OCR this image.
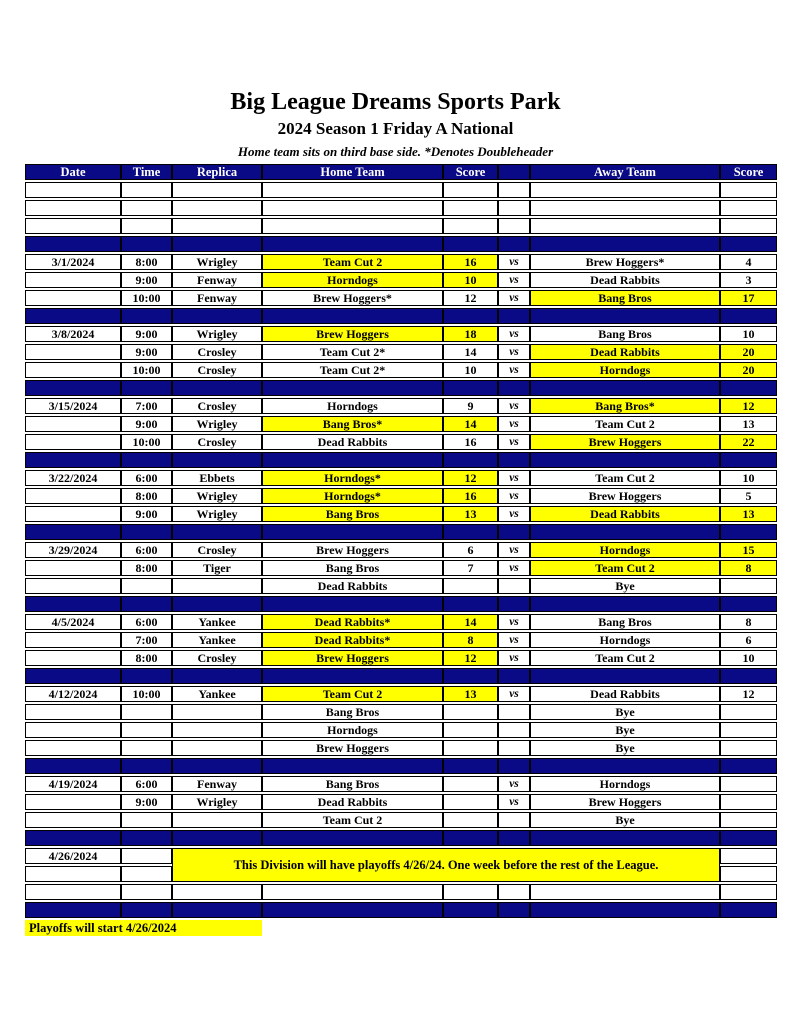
Big League Dreams Sports Park
2024 Season 1 Friday A National
Home team sits on third base side. *Denotes Doubleheader
Date	Time	Replica	Home Team	Score		Away Team	Score

3/1/2024	8:00	Wrigley	Team Cut 2	16	vs	Brew Hoggers*	4
	9:00	Fenway	Horndogs	10	vs	Dead Rabbits	3
	10:00	Fenway	Brew Hoggers*	12	vs	Bang Bros	17

3/8/2024	9:00	Wrigley	Brew Hoggers	18	vs	Bang Bros	10
	9:00	Crosley	Team Cut 2*	14	vs	Dead Rabbits	20
	10:00	Crosley	Team Cut 2*	10	vs	Horndogs	20

3/15/2024	7:00	Crosley	Horndogs	9	vs	Bang Bros*	12
	9:00	Wrigley	Bang Bros*	14	vs	Team Cut 2	13
	10:00	Crosley	Dead Rabbits	16	vs	Brew Hoggers	22

3/22/2024	6:00	Ebbets	Horndogs*	12	vs	Team Cut 2	10
	8:00	Wrigley	Horndogs*	16	vs	Brew Hoggers	5
	9:00	Wrigley	Bang Bros	13	vs	Dead Rabbits	13

3/29/2024	6:00	Crosley	Brew Hoggers	6	vs	Horndogs	15
	8:00	Tiger	Bang Bros	7	vs	Team Cut 2	8
			Dead Rabbits			Bye	

4/5/2024	6:00	Yankee	Dead Rabbits*	14	vs	Bang Bros	8
	7:00	Yankee	Dead Rabbits*	8	vs	Horndogs	6
	8:00	Crosley	Brew Hoggers	12	vs	Team Cut 2	10

4/12/2024	10:00	Yankee	Team Cut 2	13	vs	Dead Rabbits	12
			Bang Bros			Bye	
			Horndogs			Bye	
			Brew Hoggers			Bye	

4/19/2024	6:00	Fenway	Bang Bros		vs	Horndogs	
	9:00	Wrigley	Dead Rabbits		vs	Brew Hoggers	
			Team Cut 2			Bye	

4/26/2024		This Division will have playoffs 4/26/24. One week before the rest of the League.					

Playoffs will start 4/26/2024							
